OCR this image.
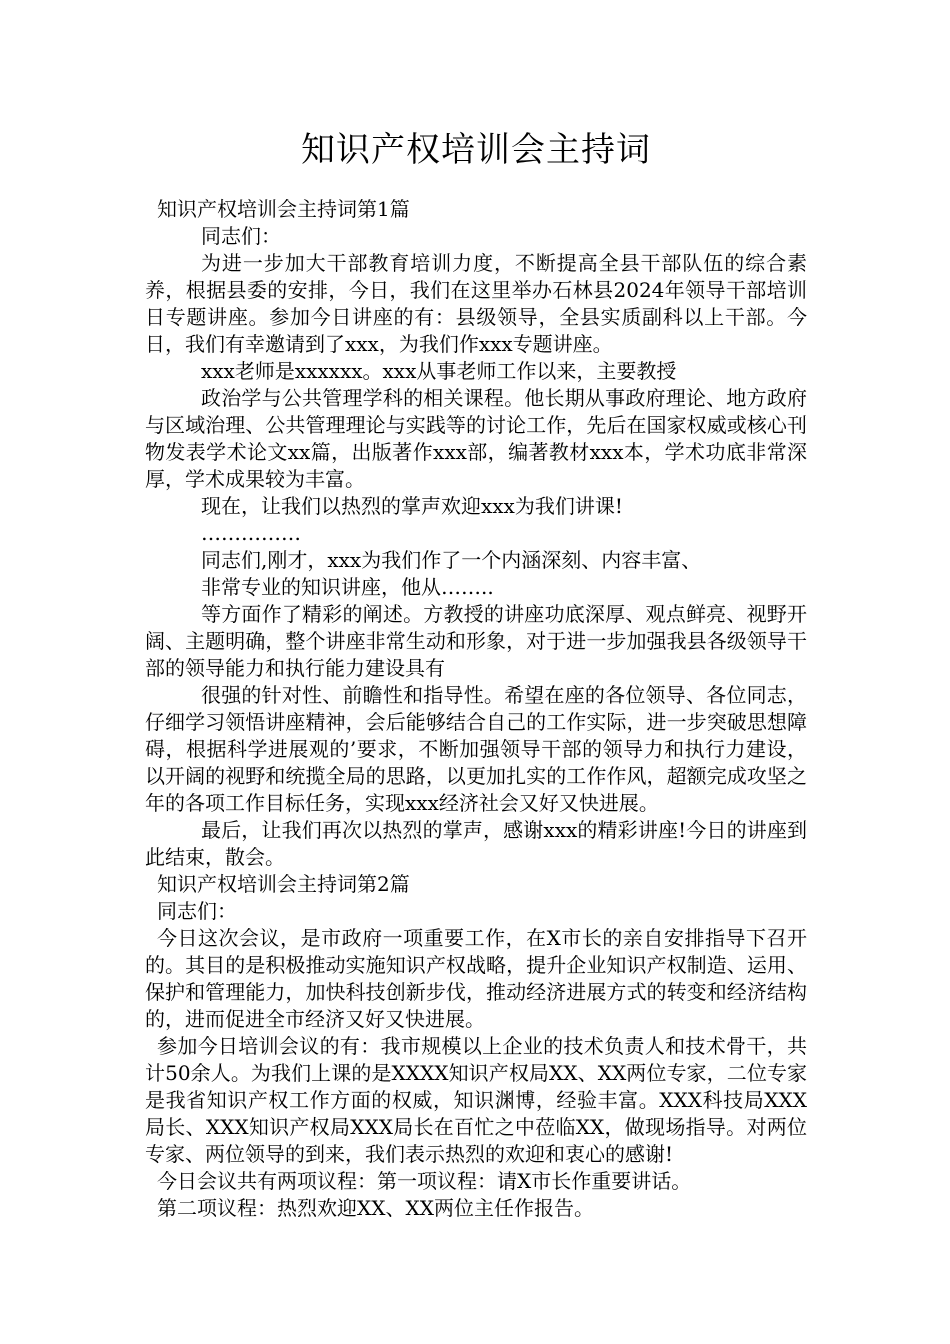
知识产权培训会主持词

知识产权培训会主持词第1篇

同志们：

为进一步加大干部教育培训力度，不断提高全县干部队伍的综合素养，根据县委的安排，今日，我们在这里举办石林县2024年领导干部培训日专题讲座。参加今日讲座的有：县级领导，全县实质副科以上干部。今日，我们有幸邀请到了xxx，为我们作xxx专题讲座。

xxx老师是xxxxxx。xxx从事老师工作以来，主要教授

政治学与公共管理学科的相关课程。他长期从事政府理论、地方政府与区域治理、公共管理理论与实践等的讨论工作，先后在国家权威或核心刊物发表学术论文xx篇，出版著作xxx部，编著教材xxx本，学术功底非常深厚，学术成果较为丰富。

现在，让我们以热烈的掌声欢迎xxx为我们讲课!

……………

同志们,刚才，xxx为我们作了一个内涵深刻、内容丰富、

非常专业的知识讲座，他从……..

等方面作了精彩的阐述。方教授的讲座功底深厚、观点鲜亮、视野开阔、主题明确，整个讲座非常生动和形象，对于进一步加强我县各级领导干部的领导能力和执行能力建设具有

很强的针对性、前瞻性和指导性。希望在座的各位领导、各位同志，仔细学习领悟讲座精神，会后能够结合自己的工作实际，进一步突破思想障碍，根据科学进展观的’要求，不断加强领导干部的领导力和执行力建设，以开阔的视野和统揽全局的思路，以更加扎实的工作作风，超额完成攻坚之年的各项工作目标任务，实现xxx经济社会又好又快进展。

最后，让我们再次以热烈的掌声，感谢xxx的精彩讲座!今日的讲座到此结束，散会。

知识产权培训会主持词第2篇

同志们：

今日这次会议，是市政府一项重要工作，在X市长的亲自安排指导下召开的。其目的是积极推动实施知识产权战略，提升企业知识产权制造、运用、保护和管理能力，加快科技创新步伐，推动经济进展方式的转变和经济结构的，进而促进全市经济又好又快进展。

参加今日培训会议的有：我市规模以上企业的技术负责人和技术骨干，共计50余人。为我们上课的是XXXX知识产权局XX、XX两位专家，二位专家是我省知识产权工作方面的权威，知识渊博，经验丰富。XXX科技局XXX局长、XXX知识产权局XXX局长在百忙之中莅临XX，做现场指导。对两位专家、两位领导的到来，我们表示热烈的欢迎和衷心的感谢!

今日会议共有两项议程：第一项议程：请X市长作重要讲话。

第二项议程：热烈欢迎XX、XX两位主任作报告。
